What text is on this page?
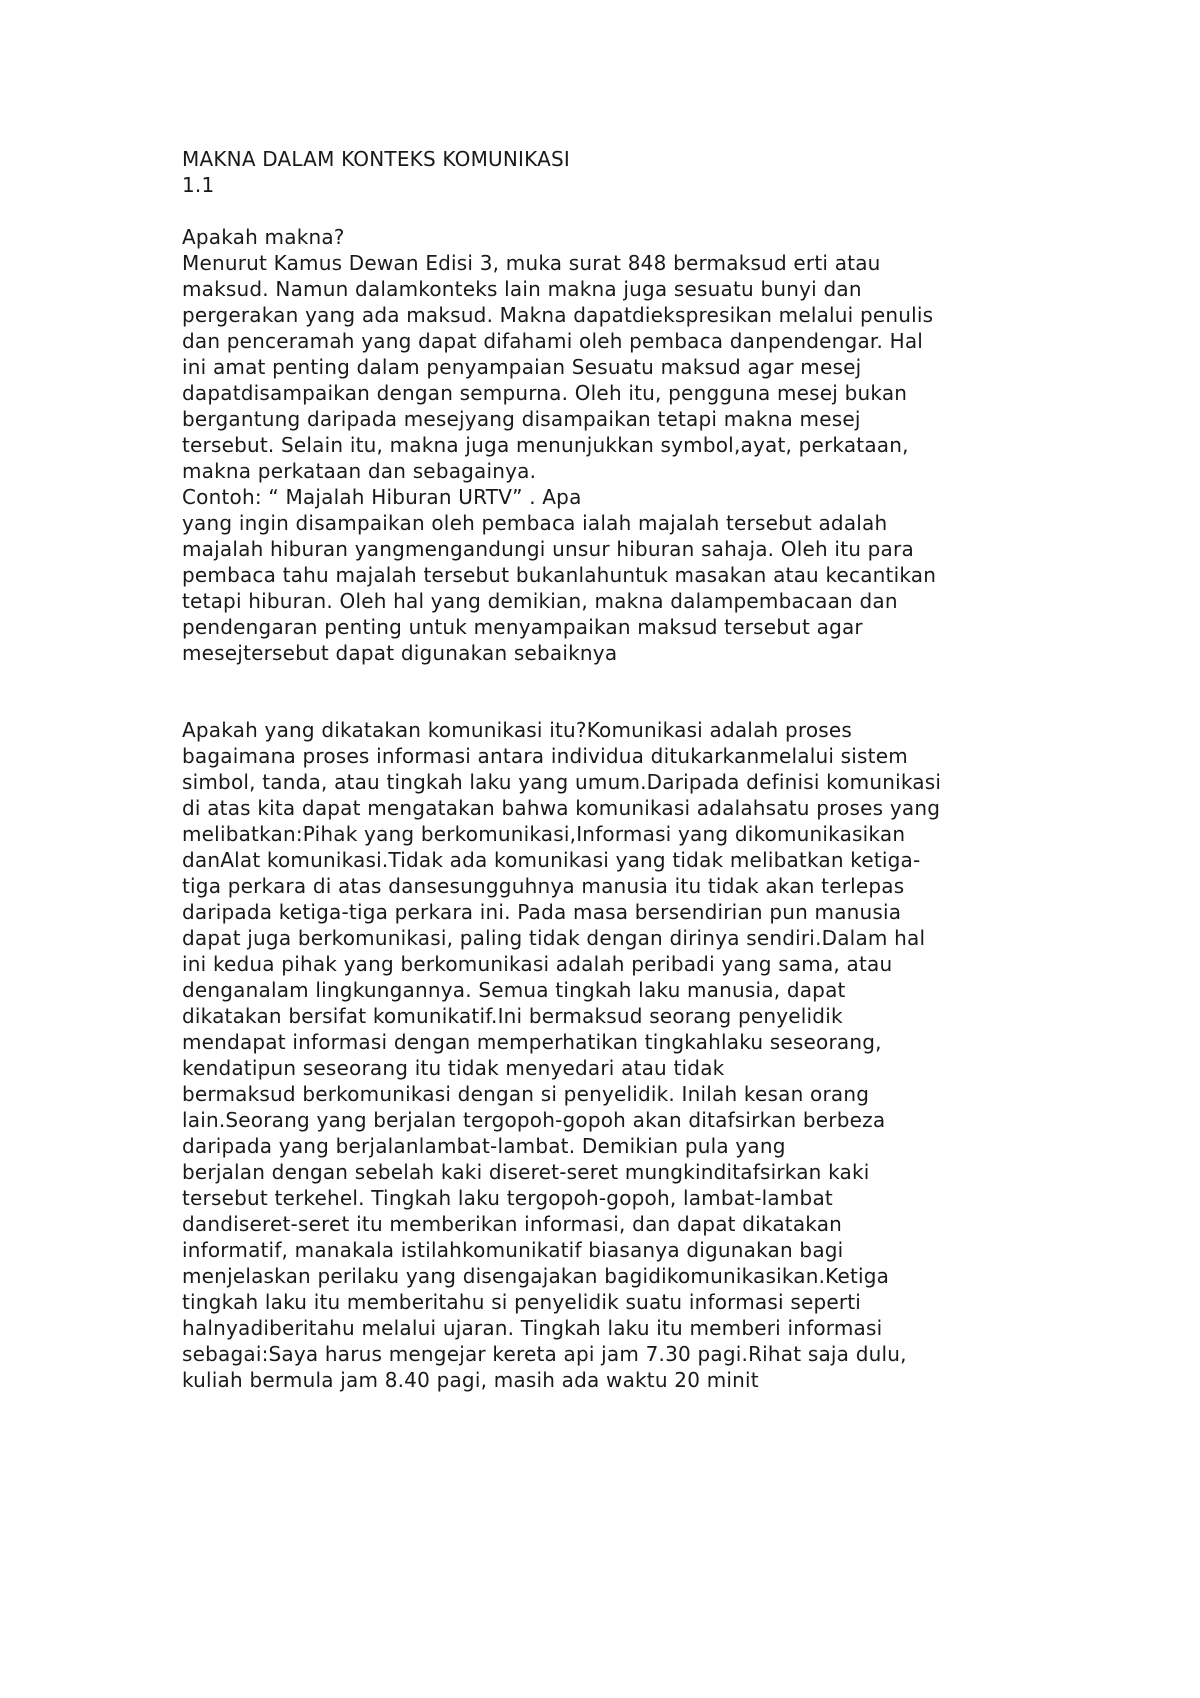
MAKNA DALAM KONTEKS KOMUNIKASI
1.1
Apakah makna?
Menurut Kamus Dewan Edisi 3, muka surat 848 bermaksud erti atau
maksud. Namun dalamkonteks lain makna juga sesuatu bunyi dan
pergerakan yang ada maksud. Makna dapatdiekspresikan melalui penulis
dan penceramah yang dapat difahami oleh pembaca danpendengar. Hal
ini amat penting dalam penyampaian Sesuatu maksud agar mesej
dapatdisampaikan dengan sempurna. Oleh itu, pengguna mesej bukan
bergantung daripada mesejyang disampaikan tetapi makna mesej
tersebut. Selain itu, makna juga menunjukkan symbol,ayat, perkataan,
makna perkataan dan sebagainya.
Contoh: “ Majalah Hiburan URTV” . Apa
yang ingin disampaikan oleh pembaca ialah majalah tersebut adalah
majalah hiburan yangmengandungi unsur hiburan sahaja. Oleh itu para
pembaca tahu majalah tersebut bukanlahuntuk masakan atau kecantikan
tetapi hiburan. Oleh hal yang demikian, makna dalampembacaan dan
pendengaran penting untuk menyampaikan maksud tersebut agar
mesejtersebut dapat digunakan sebaiknya
Apakah yang dikatakan komunikasi itu?Komunikasi adalah proses
bagaimana proses informasi antara individua ditukarkanmelalui sistem
simbol, tanda, atau tingkah laku yang umum.Daripada definisi komunikasi
di atas kita dapat mengatakan bahwa komunikasi adalahsatu proses yang
melibatkan:Pihak yang berkomunikasi,Informasi yang dikomunikasikan
danAlat komunikasi.Tidak ada komunikasi yang tidak melibatkan ketiga-
tiga perkara di atas dansesungguhnya manusia itu tidak akan terlepas
daripada ketiga-tiga perkara ini. Pada masa bersendirian pun manusia
dapat juga berkomunikasi, paling tidak dengan dirinya sendiri.Dalam hal
ini kedua pihak yang berkomunikasi adalah peribadi yang sama, atau
denganalam lingkungannya. Semua tingkah laku manusia, dapat
dikatakan bersifat komunikatif.Ini bermaksud seorang penyelidik
mendapat informasi dengan memperhatikan tingkahlaku seseorang,
kendatipun seseorang itu tidak menyedari atau tidak
bermaksud berkomunikasi dengan si penyelidik. Inilah kesan orang
lain.Seorang yang berjalan tergopoh-gopoh akan ditafsirkan berbeza
daripada yang berjalanlambat-lambat. Demikian pula yang
berjalan dengan sebelah kaki diseret-seret mungkinditafsirkan kaki
tersebut terkehel. Tingkah laku tergopoh-gopoh, lambat-lambat
dandiseret-seret itu memberikan informasi, dan dapat dikatakan
informatif, manakala istilahkomunikatif biasanya digunakan bagi
menjelaskan perilaku yang disengajakan bagidikomunikasikan.Ketiga
tingkah laku itu memberitahu si penyelidik suatu informasi seperti
halnyadiberitahu melalui ujaran. Tingkah laku itu memberi informasi
sebagai:Saya harus mengejar kereta api jam 7.30 pagi.Rihat saja dulu,
kuliah bermula jam 8.40 pagi, masih ada waktu 20 minit
